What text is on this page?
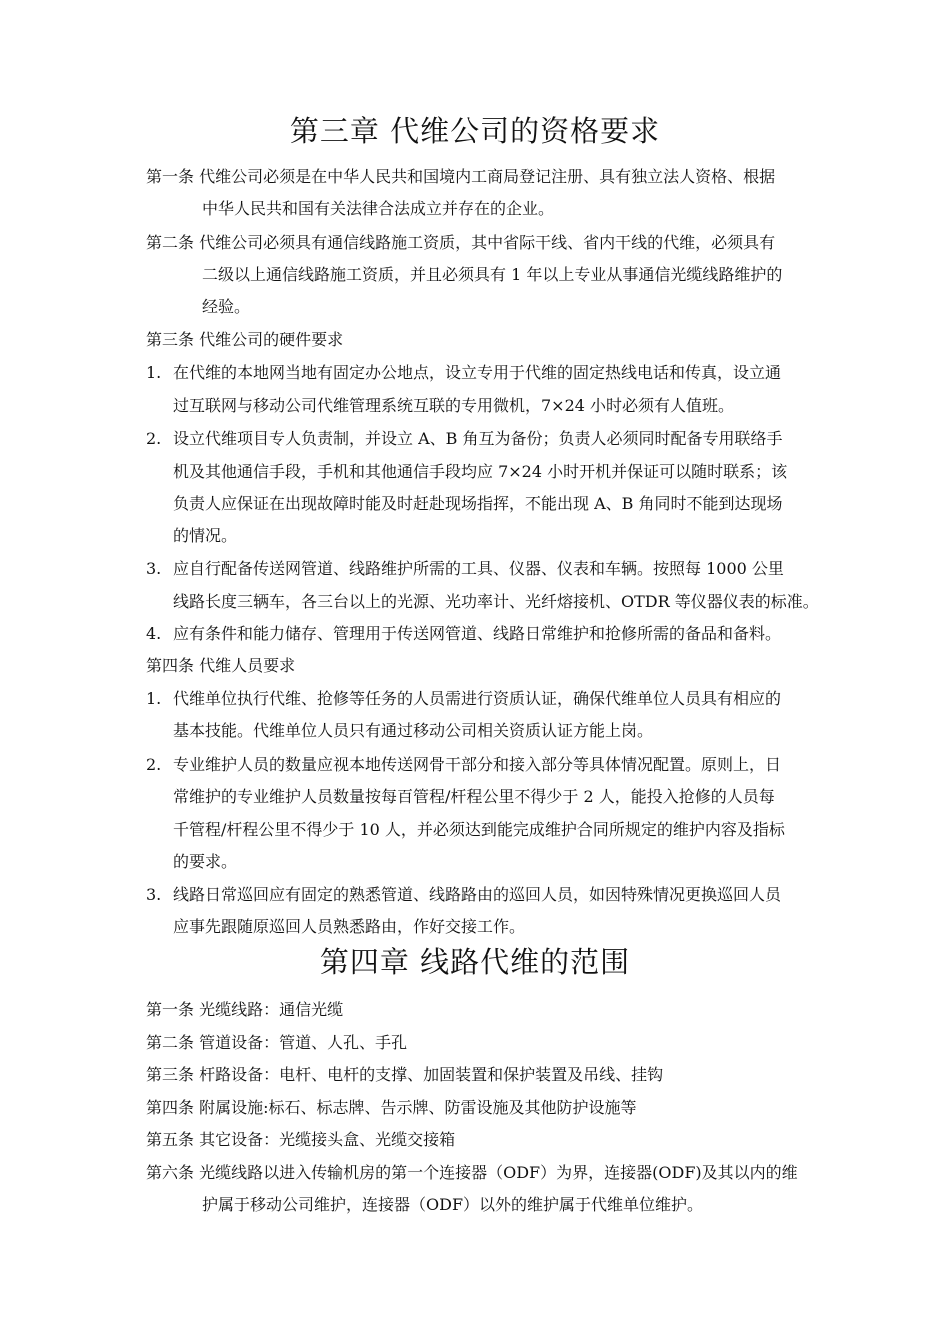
第三章 代维公司的资格要求

第一条 代维公司必须是在中华人民共和国境内工商局登记注册、具有独立法人资格、根据

中华人民共和国有关法律合法成立并存在的企业。

第二条 代维公司必须具有通信线路施工资质，其中省际干线、省内干线的代维，必须具有

二级以上通信线路施工资质，并且必须具有 1 年以上专业从事通信光缆线路维护的

经验。

第三条 代维公司的硬件要求

1. 在代维的本地网当地有固定办公地点，设立专用于代维的固定热线电话和传真，设立通

过互联网与移动公司代维管理系统互联的专用微机，7×24 小时必须有人值班。

2. 设立代维项目专人负责制，并设立 A、B 角互为备份；负责人必须同时配备专用联络手

机及其他通信手段，手机和其他通信手段均应 7×24 小时开机并保证可以随时联系；该

负责人应保证在出现故障时能及时赶赴现场指挥，不能出现 A、B 角同时不能到达现场

的情况。

3. 应自行配备传送网管道、线路维护所需的工具、仪器、仪表和车辆。按照每 1000 公里

线路长度三辆车，各三台以上的光源、光功率计、光纤熔接机、OTDR 等仪器仪表的标准。

4. 应有条件和能力储存、管理用于传送网管道、线路日常维护和抢修所需的备品和备料。

第四条 代维人员要求

1. 代维单位执行代维、抢修等任务的人员需进行资质认证，确保代维单位人员具有相应的

基本技能。代维单位人员只有通过移动公司相关资质认证方能上岗。

2. 专业维护人员的数量应视本地传送网骨干部分和接入部分等具体情况配置。原则上，日

常维护的专业维护人员数量按每百管程/杆程公里不得少于 2 人，能投入抢修的人员每

千管程/杆程公里不得少于 10 人，并必须达到能完成维护合同所规定的维护内容及指标

的要求。

3. 线路日常巡回应有固定的熟悉管道、线路路由的巡回人员，如因特殊情况更换巡回人员

应事先跟随原巡回人员熟悉路由，作好交接工作。

第四章 线路代维的范围

第一条 光缆线路：通信光缆

第二条 管道设备：管道、人孔、手孔

第三条 杆路设备：电杆、电杆的支撑、加固装置和保护装置及吊线、挂钩

第四条 附属设施:标石、标志牌、告示牌、防雷设施及其他防护设施等

第五条 其它设备：光缆接头盒、光缆交接箱

第六条 光缆线路以进入传输机房的第一个连接器（ODF）为界，连接器(ODF)及其以内的维

护属于移动公司维护，连接器（ODF）以外的维护属于代维单位维护。
